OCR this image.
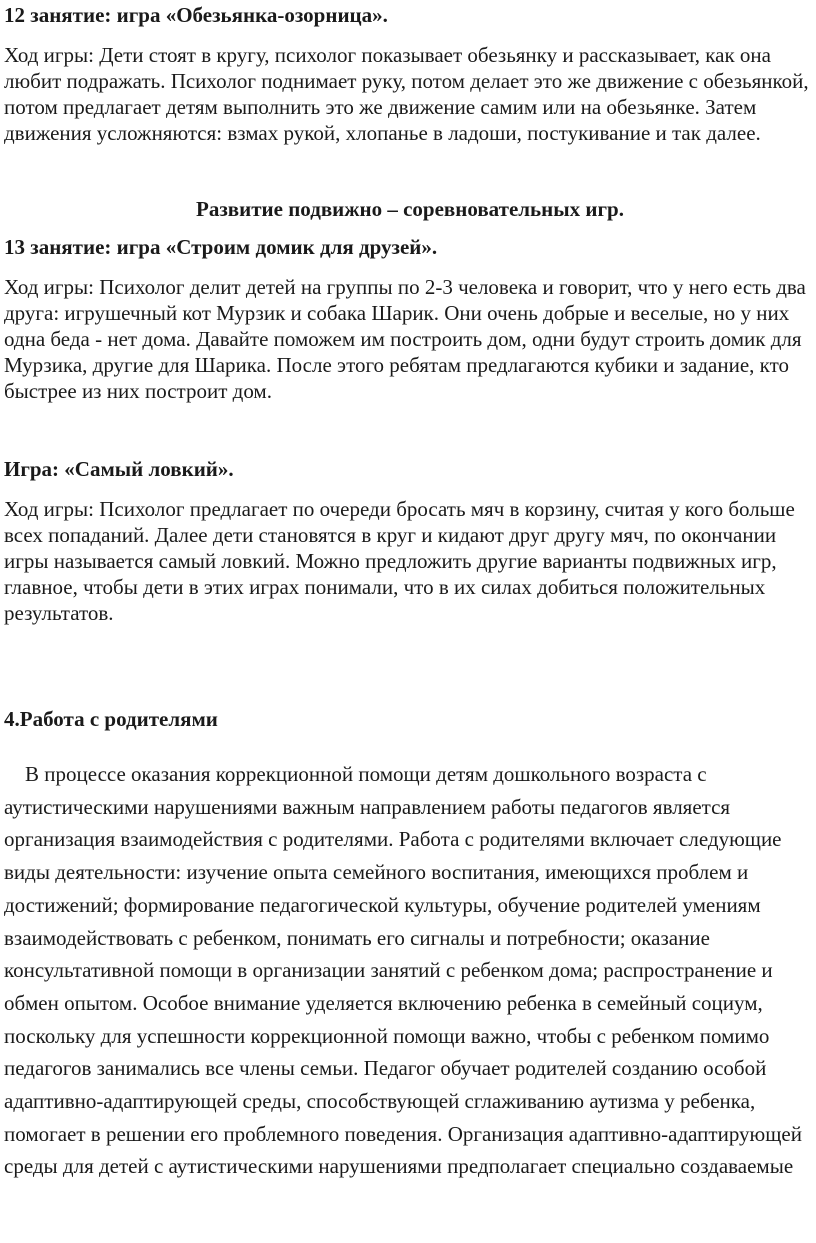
12 занятие: игра «Обезьянка-озорница».

Ход игры: Дети стоят в кругу, психолог показывает обезьянку и рассказывает, как она любит подражать. Психолог поднимает руку, потом делает это же движение с обезьянкой, потом предлагает детям выполнить это же движение самим или на обезьянке. Затем движения усложняются: взмах рукой, хлопанье в ладоши, постукивание и так далее.

Развитие подвижно – соревновательных игр.

13 занятие: игра «Строим домик для друзей».

Ход игры: Психолог делит детей на группы по 2-3 человека и говорит, что у него есть два друга: игрушечный кот Мурзик и собака Шарик. Они очень добрые и веселые, но у них одна беда - нет дома. Давайте поможем им построить дом, одни будут строить домик для Мурзика, другие для Шарика. После этого ребятам предлагаются кубики и задание, кто быстрее из них построит дом.

Игра: «Самый ловкий».

Ход игры: Психолог предлагает по очереди бросать мяч в корзину, считая у кого больше всех попаданий. Далее дети становятся в круг и кидают друг другу мяч, по окончании игры называется самый ловкий. Можно предложить другие варианты подвижных игр, главное, чтобы дети в этих играх понимали, что в их силах добиться положительных результатов.

4.Работа с родителями

В процессе оказания коррекционной помощи детям дошкольного возраста с аутистическими нарушениями важным направлением работы педагогов является организация взаимодействия с родителями. Работа с родителями включает следующие виды деятельности: изучение опыта семейного воспитания, имеющихся проблем и достижений; формирование педагогической культуры, обучение родителей умениям взаимодействовать с ребенком, понимать его сигналы и потребности; оказание консультативной помощи в организации занятий с ребенком дома; распространение и обмен опытом. Особое внимание уделяется включению ребенка в семейный социум, поскольку для успешности коррекционной помощи важно, чтобы с ребенком помимо педагогов занимались все члены семьи. Педагог обучает родителей созданию особой адаптивно-адаптирующей среды, способствующей сглаживанию аутизма у ребенка, помогает в решении его проблемного поведения. Организация адаптивно-адаптирующей среды для детей с аутистическими нарушениями предполагает специально создаваемые
